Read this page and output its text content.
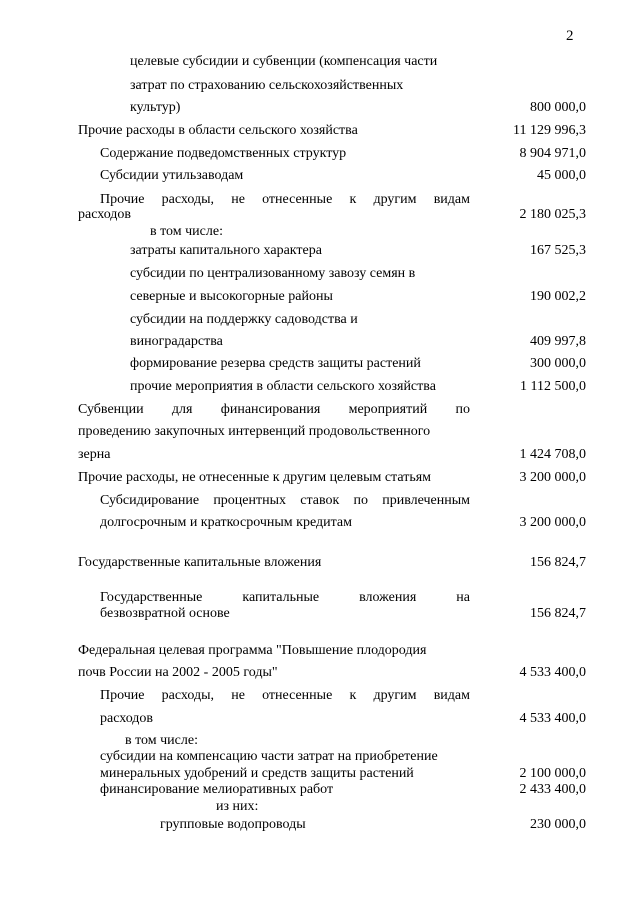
2
целевые субсидии и субвенции (компенсация части
затрат по страхованию сельскохозяйственных
культур)	800 000,0
Прочие расходы в области сельского хозяйства	11 129 996,3
Содержание подведомственных структур	8 904 971,0
Субсидии утильзаводам	45 000,0
Прочие расходы, не отнесенные к другим видам
расходов	2 180 025,3
в том числе:
затраты капитального характера	167 525,3
субсидии по централизованному завозу семян в
северные и высокогорные районы	190 002,2
субсидии на поддержку садоводства и
виноградарства	409 997,8
формирование резерва средств защиты растений	300 000,0
прочие мероприятия в области сельского хозяйства	1 112 500,0
Субвенции для финансирования мероприятий по
проведению закупочных интервенций продовольственного
зерна	1 424 708,0
Прочие расходы, не отнесенные к другим целевым статьям	3 200 000,0
Субсидирование процентных ставок по привлеченным
долгосрочным и краткосрочным кредитам	3 200 000,0
Государственные капитальные вложения	156 824,7
Государственные капитальные вложения на
безвозвратной основе	156 824,7
Федеральная целевая программа "Повышение плодородия
почв России на 2002 - 2005 годы"	4 533 400,0
Прочие расходы, не отнесенные к другим видам
расходов	4 533 400,0
в том числе:
субсидии на компенсацию части затрат на приобретение
минеральных удобрений и средств защиты растений	2 100 000,0
финансирование мелиоративных работ	2 433 400,0
из них:
групповые водопроводы	230 000,0
